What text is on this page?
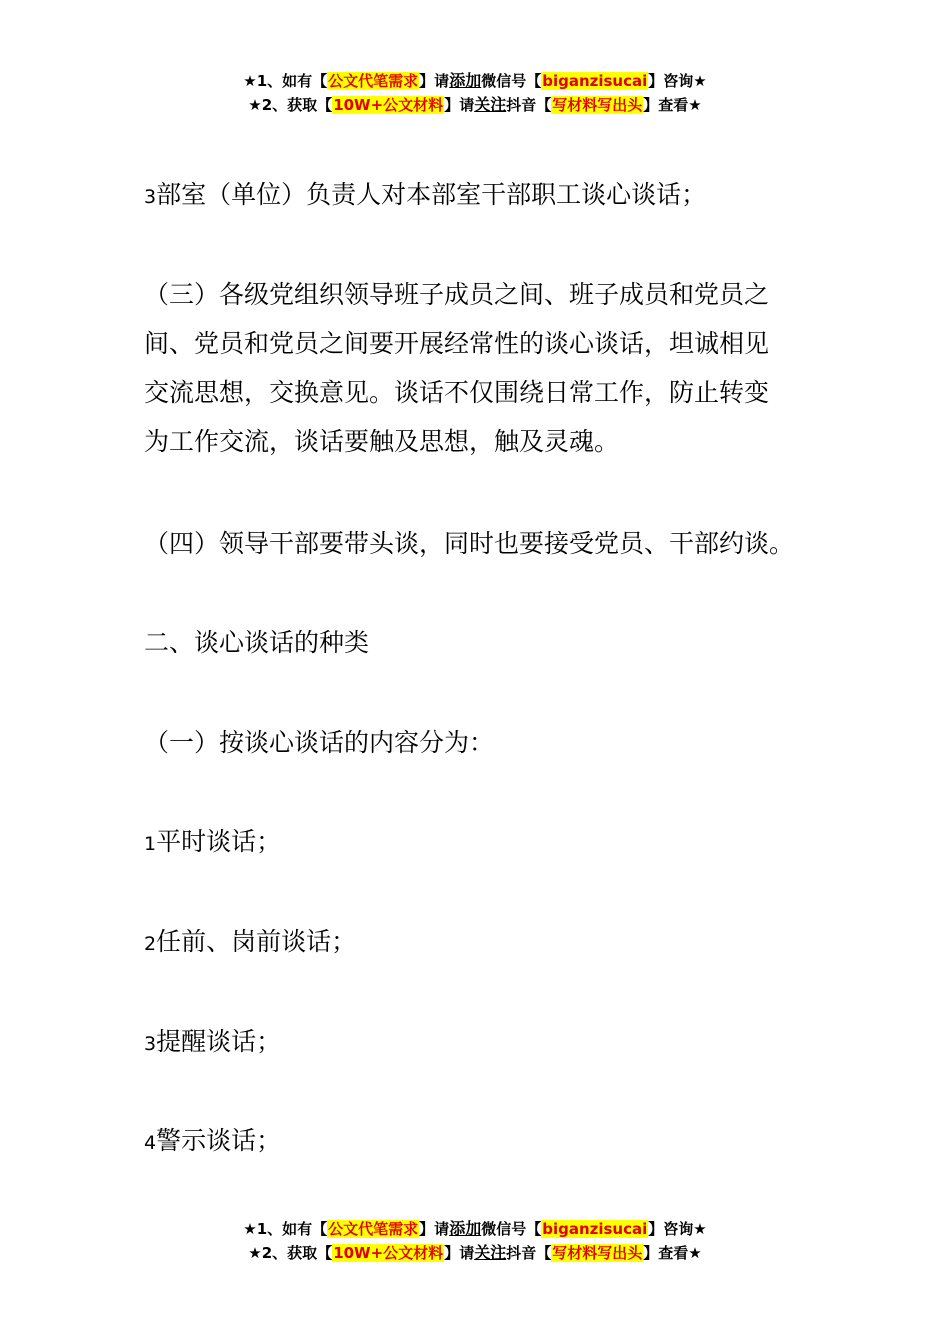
★1、如有【公文代笔需求】请添加微信号【biganzisucai】咨询★
★2、获取【10W+公文材料】请关注抖音【写材料写出头】查看★
3部室（单位）负责人对本部室干部职工谈心谈话；
（三）各级党组织领导班子成员之间、班子成员和党员之
间、党员和党员之间要开展经常性的谈心谈话，坦诚相见
交流思想，交换意见。谈话不仅围绕日常工作，防止转变
为工作交流，谈话要触及思想，触及灵魂。
（四）领导干部要带头谈，同时也要接受党员、干部约谈。
二、谈心谈话的种类
（一）按谈心谈话的内容分为：
1平时谈话；
2任前、岗前谈话；
3提醒谈话；
4警示谈话；
★1、如有【公文代笔需求】请添加微信号【biganzisucai】咨询★
★2、获取【10W+公文材料】请关注抖音【写材料写出头】查看★
